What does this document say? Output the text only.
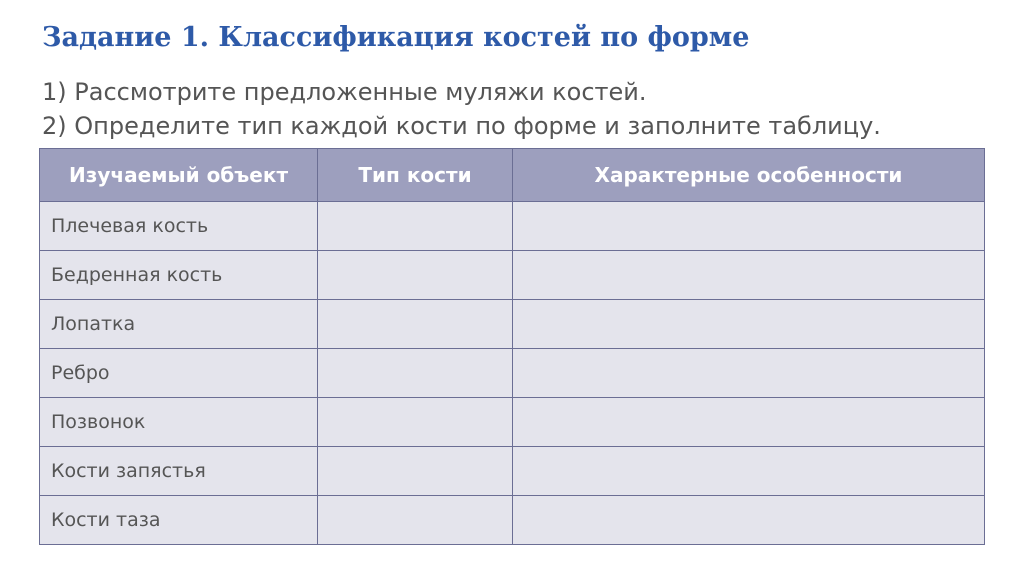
Задание 1. Классификация костей по форме
1) Рассмотрите предложенные муляжи костей.
2) Определите тип каждой кости по форме и заполните таблицу.
Изучаемый объект	Тип кости	Характерные особенности
Плечевая кость		
Бедренная кость		
Лопатка		
Ребро		
Позвонок		
Кости запястья		
Кости таза		
